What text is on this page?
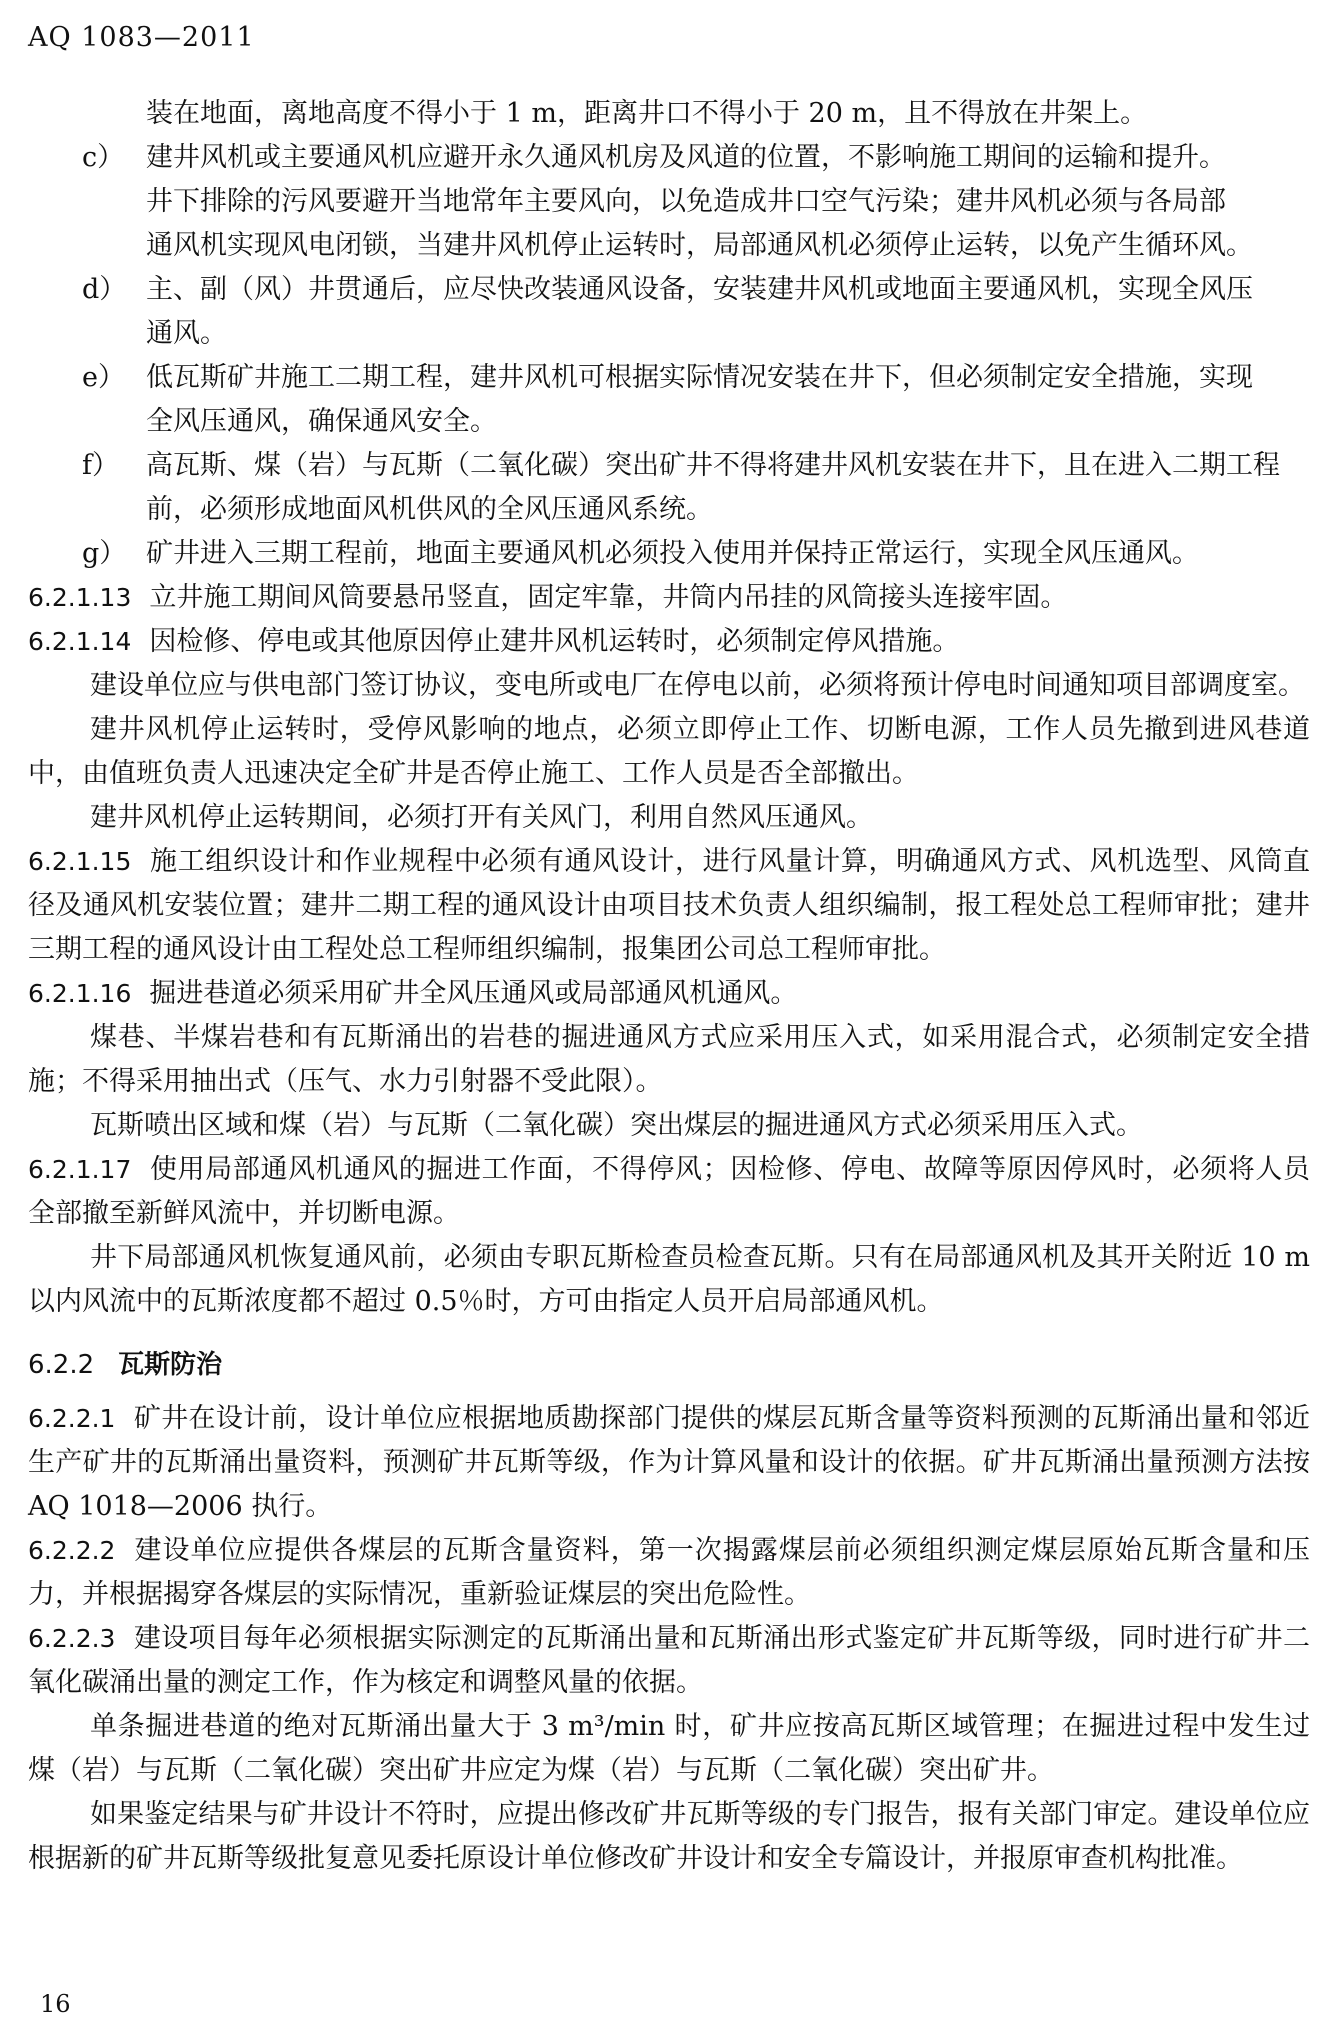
AQ 1083—2011
装在地面，离地高度不得小于 1 m，距离井口不得小于 20 m，且不得放在井架上。
c） 建井风机或主要通风机应避开永久通风机房及风道的位置，不影响施工期间的运输和提升。
井下排除的污风要避开当地常年主要风向，以免造成井口空气污染；建井风机必须与各局部
通风机实现风电闭锁，当建井风机停止运转时，局部通风机必须停止运转，以免产生循环风。
d） 主、副（风）井贯通后，应尽快改装通风设备，安装建井风机或地面主要通风机，实现全风压
通风。
e） 低瓦斯矿井施工二期工程，建井风机可根据实际情况安装在井下，但必须制定安全措施，实现
全风压通风，确保通风安全。
f） 高瓦斯、煤（岩）与瓦斯（二氧化碳）突出矿井不得将建井风机安装在井下，且在进入二期工程
前，必须形成地面风机供风的全风压通风系统。
g） 矿井进入三期工程前，地面主要通风机必须投入使用并保持正常运行，实现全风压通风。
6.2.1.13 立井施工期间风筒要悬吊竖直，固定牢靠，井筒内吊挂的风筒接头连接牢固。
6.2.1.14 因检修、停电或其他原因停止建井风机运转时，必须制定停风措施。
建设单位应与供电部门签订协议，变电所或电厂在停电以前，必须将预计停电时间通知项目部调度室。
建井风机停止运转时，受停风影响的地点，必须立即停止工作、切断电源，工作人员先撤到进风巷道中，由值班负责人迅速决定全矿井是否停止施工、工作人员是否全部撤出。
建井风机停止运转期间，必须打开有关风门，利用自然风压通风。
6.2.1.15 施工组织设计和作业规程中必须有通风设计，进行风量计算，明确通风方式、风机选型、风筒直径及通风机安装位置；建井二期工程的通风设计由项目技术负责人组织编制，报工程处总工程师审批；建井三期工程的通风设计由工程处总工程师组织编制，报集团公司总工程师审批。
6.2.1.16 掘进巷道必须采用矿井全风压通风或局部通风机通风。
煤巷、半煤岩巷和有瓦斯涌出的岩巷的掘进通风方式应采用压入式，如采用混合式，必须制定安全措施；不得采用抽出式（压气、水力引射器不受此限）。
瓦斯喷出区域和煤（岩）与瓦斯（二氧化碳）突出煤层的掘进通风方式必须采用压入式。
6.2.1.17 使用局部通风机通风的掘进工作面，不得停风；因检修、停电、故障等原因停风时，必须将人员全部撤至新鲜风流中，并切断电源。
井下局部通风机恢复通风前，必须由专职瓦斯检查员检查瓦斯。只有在局部通风机及其开关附近 10 m 以内风流中的瓦斯浓度都不超过 0.5％时，方可由指定人员开启局部通风机。
6.2.2 瓦斯防治
6.2.2.1 矿井在设计前，设计单位应根据地质勘探部门提供的煤层瓦斯含量等资料预测的瓦斯涌出量和邻近生产矿井的瓦斯涌出量资料，预测矿井瓦斯等级，作为计算风量和设计的依据。矿井瓦斯涌出量预测方法按 AQ 1018—2006 执行。
6.2.2.2 建设单位应提供各煤层的瓦斯含量资料，第一次揭露煤层前必须组织测定煤层原始瓦斯含量和压力，并根据揭穿各煤层的实际情况，重新验证煤层的突出危险性。
6.2.2.3 建设项目每年必须根据实际测定的瓦斯涌出量和瓦斯涌出形式鉴定矿井瓦斯等级，同时进行矿井二氧化碳涌出量的测定工作，作为核定和调整风量的依据。
单条掘进巷道的绝对瓦斯涌出量大于 3 m³/min 时，矿井应按高瓦斯区域管理；在掘进过程中发生过煤（岩）与瓦斯（二氧化碳）突出矿井应定为煤（岩）与瓦斯（二氧化碳）突出矿井。
如果鉴定结果与矿井设计不符时，应提出修改矿井瓦斯等级的专门报告，报有关部门审定。建设单位应根据新的矿井瓦斯等级批复意见委托原设计单位修改矿井设计和安全专篇设计，并报原审查机构批准。
16
